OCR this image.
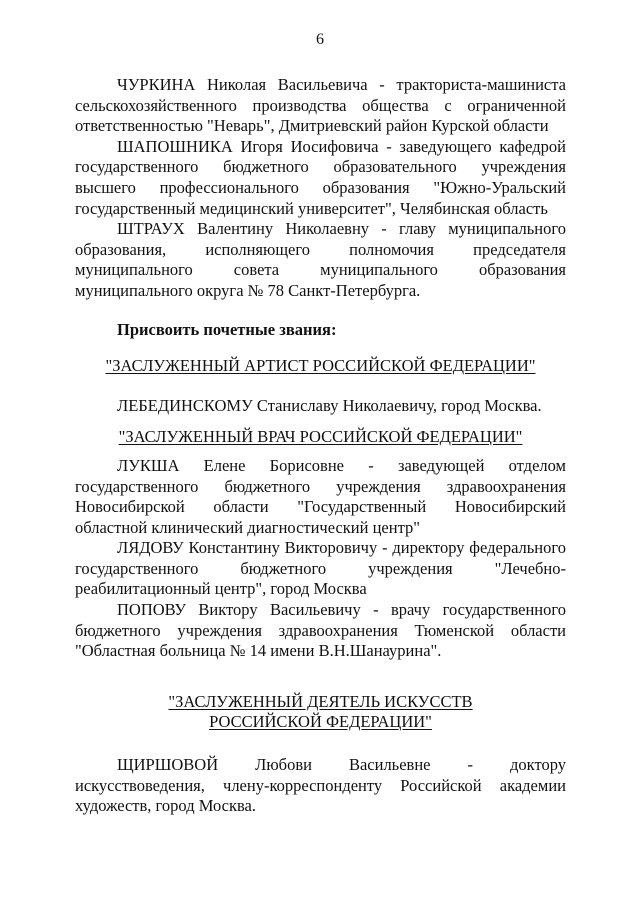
6

ЧУРКИНА Николая Васильевича - тракториста-машиниста сельскохозяйственного производства общества с ограниченной ответственностью "Неварь", Дмитриевский район Курской области

ШАПОШНИКА Игоря Иосифовича - заведующего кафедрой государственного бюджетного образовательного учреждения высшего профессионального образования "Южно-Уральский государственный медицинский университет", Челябинская область

ШТРАУХ Валентину Николаевну - главу муниципального образования, исполняющего полномочия председателя муниципального совета муниципального образования муниципального округа № 78 Санкт-Петербурга.

Присвоить почетные звания:

"ЗАСЛУЖЕННЫЙ АРТИСТ РОССИЙСКОЙ ФЕДЕРАЦИИ"

ЛЕБЕДИНСКОМУ Станиславу Николаевичу, город Москва.

"ЗАСЛУЖЕННЫЙ ВРАЧ РОССИЙСКОЙ ФЕДЕРАЦИИ"

ЛУКША Елене Борисовне - заведующей отделом государственного бюджетного учреждения здравоохранения Новосибирской области "Государственный Новосибирский областной клинический диагностический центр"

ЛЯДОВУ Константину Викторовичу - директору федерального государственного бюджетного учреждения "Лечебно-реабилитационный центр", город Москва

ПОПОВУ Виктору Васильевичу - врачу государственного бюджетного учреждения здравоохранения Тюменской области "Областная больница № 14 имени В.Н.Шанаурина".

"ЗАСЛУЖЕННЫЙ ДЕЯТЕЛЬ ИСКУССТВ
РОССИЙСКОЙ ФЕДЕРАЦИИ"

ЩИРШОВОЙ Любови Васильевне - доктору искусствоведения, члену-корреспонденту Российской академии художеств, город Москва.
